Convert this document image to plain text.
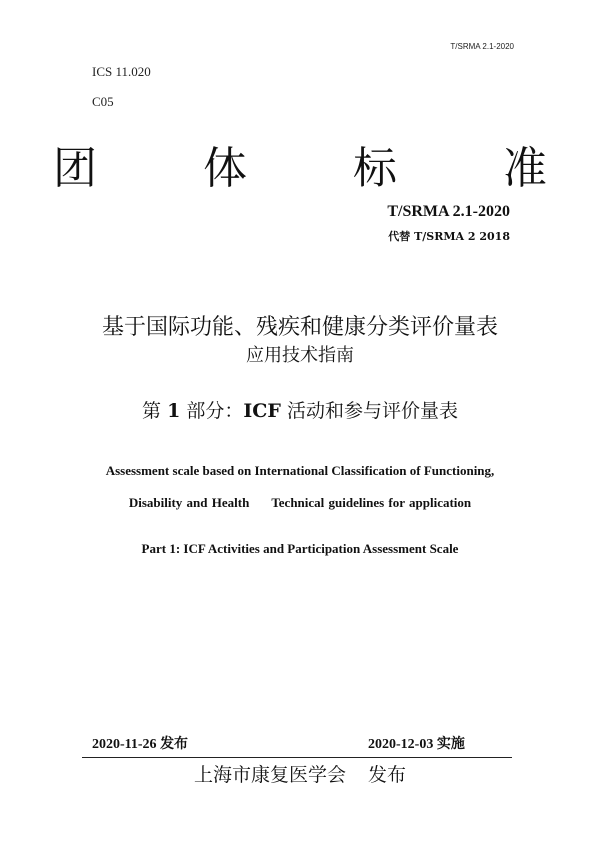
T/SRMA 2.1-2020
ICS 11.020
C05
团 体 标 准
T/SRMA 2.1-2020
代替 T/SRMA 2 2018
基于国际功能、残疾和健康分类评价量表
应用技术指南
第 1 部分：ICF 活动和参与评价量表
Assessment scale based on International Classification of Functioning,
Disability and Health Technical guidelines for application
Part 1: ICF Activities and Participation Assessment Scale
2020-11-26 发布	2020-12-03 实施
上海市康复医学会 发布
